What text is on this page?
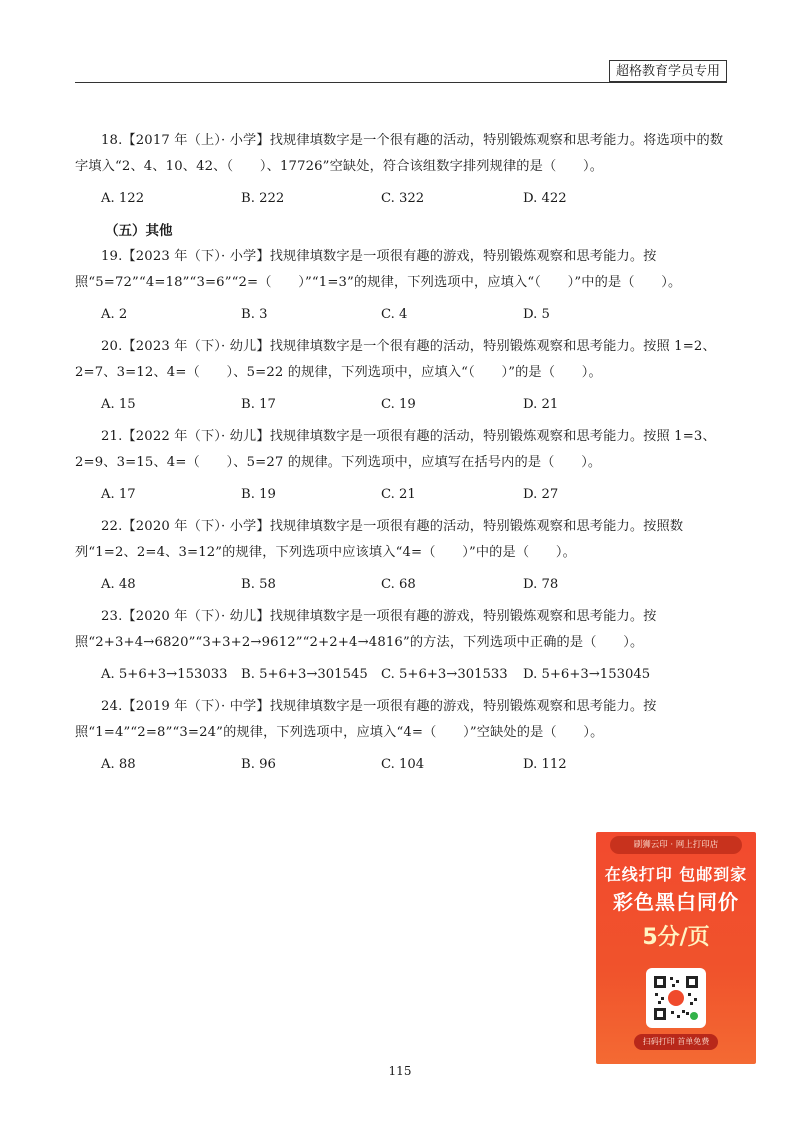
超格教育学员专用

18.【2017 年（上）· 小学】找规律填数字是一个很有趣的活动，特别锻炼观察和思考能力。将选项中的数字填入“2、4、10、42、（　　）、17726”空缺处，符合该组数字排列规律的是（　　）。

A. 122	B. 222	C. 322	D. 422

（五）其他

19.【2023 年（下）· 小学】找规律填数字是一项很有趣的游戏，特别锻炼观察和思考能力。按照“5=72”“4=18”“3=6”“2=（　　）”“1=3”的规律，下列选项中，应填入“（　　）”中的是（　　）。

A. 2	B. 3	C. 4	D. 5

20.【2023 年（下）· 幼儿】找规律填数字是一个很有趣的活动，特别锻炼观察和思考能力。按照 1=2、2=7、3=12、4=（　　）、5=22 的规律，下列选项中，应填入“（　　）”的是（　　）。

A. 15	B. 17	C. 19	D. 21

21.【2022 年（下）· 幼儿】找规律填数字是一项很有趣的活动，特别锻炼观察和思考能力。按照 1=3、2=9、3=15、4=（　　）、5=27 的规律。下列选项中，应填写在括号内的是（　　）。

A. 17	B. 19	C. 21	D. 27

22.【2020 年（下）· 小学】找规律填数字是一项很有趣的活动，特别锻炼观察和思考能力。按照数列“1=2、2=4、3=12”的规律，下列选项中应该填入“4=（　　）”中的是（　　）。

A. 48	B. 58	C. 68	D. 78

23.【2020 年（下）· 幼儿】找规律填数字是一项很有趣的游戏，特别锻炼观察和思考能力。按照“2+3+4→6820”“3+3+2→9612”“2+2+4→4816”的方法，下列选项中正确的是（　　）。

A. 5+6+3→153033	B. 5+6+3→301545	C. 5+6+3→301533	D. 5+6+3→153045

24.【2019 年（下）· 中学】找规律填数字是一项很有趣的游戏，特别锻炼观察和思考能力。按照“1=4”“2=8”“3=24”的规律，下列选项中，应填入“4=（　　）”空缺处的是（　　）。

A. 88	B. 96	C. 104	D. 112
刷狮云印 · 网上打印店
在线打印 包邮到家
彩色黑白同价
5分/页
扫码打印 首单免费
115
